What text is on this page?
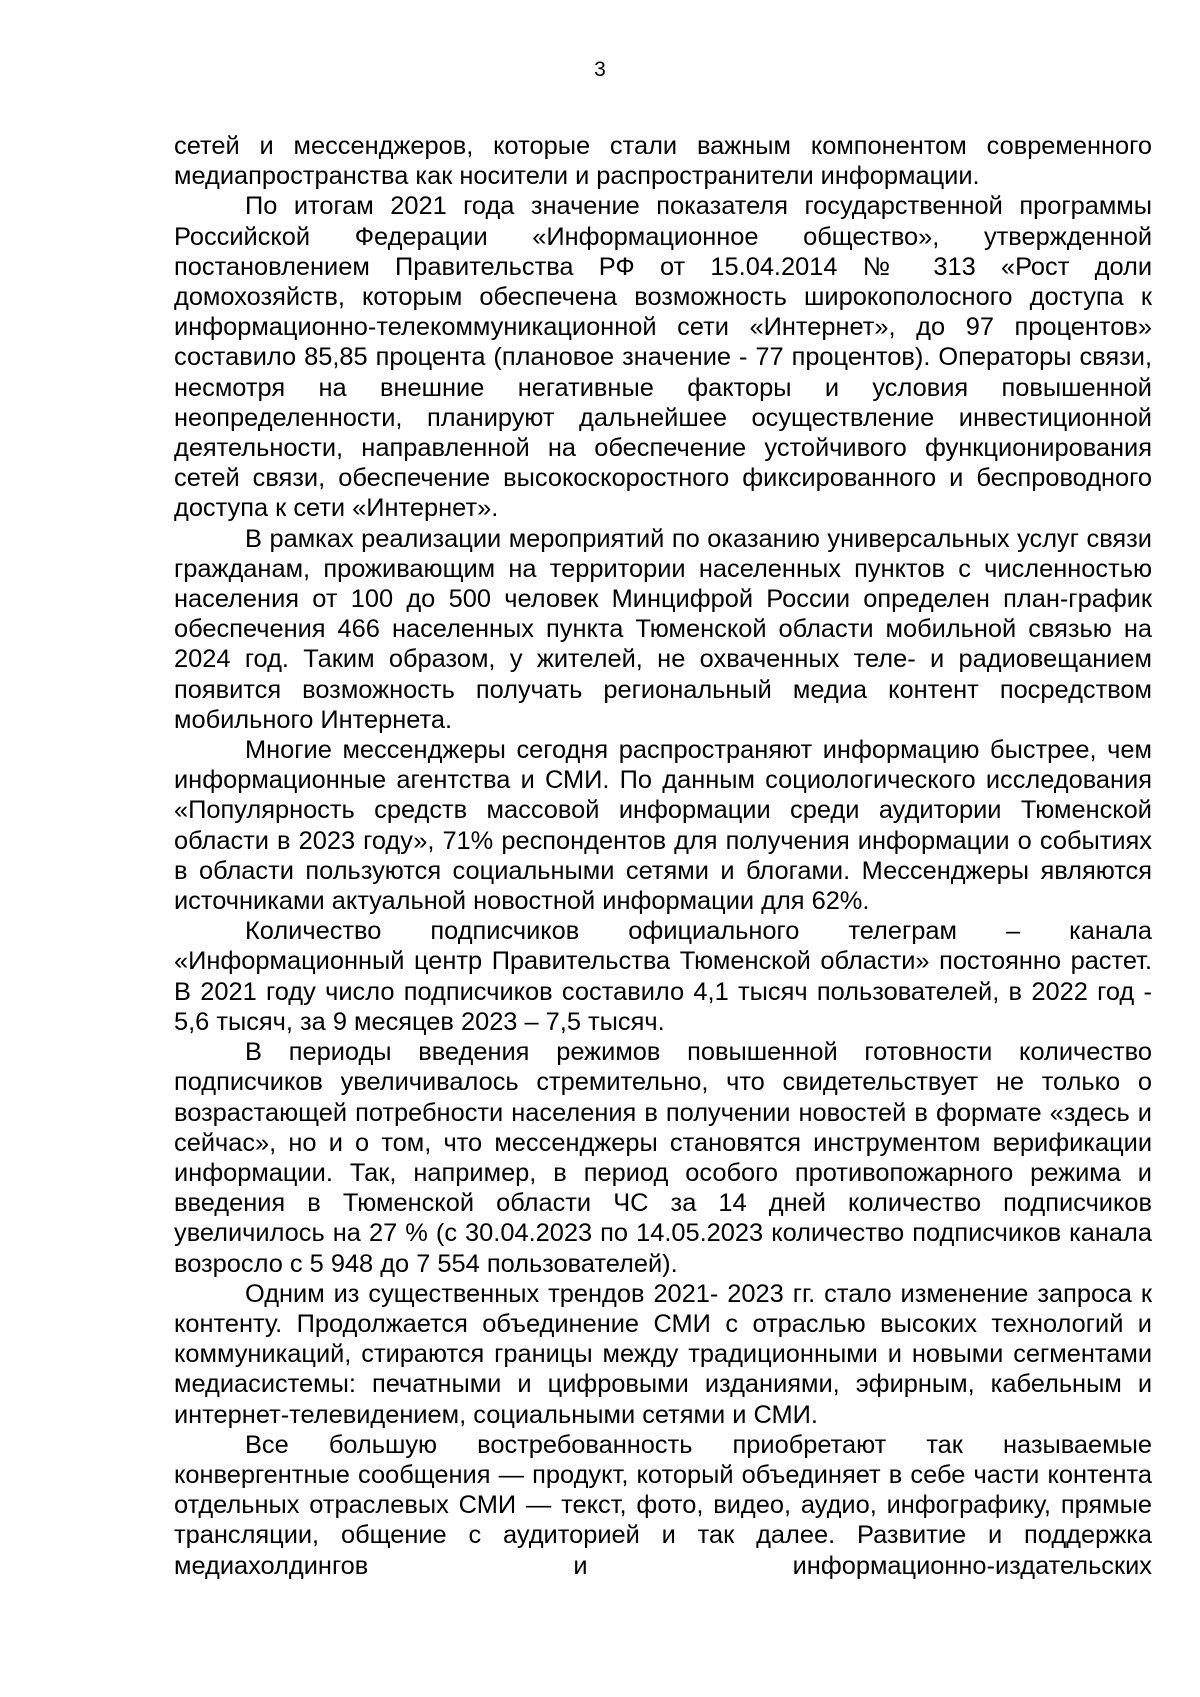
3

сетей и мессенджеров, которые стали важным компонентом современного медиапространства как носители и распространители информации.

По итогам 2021 года значение показателя государственной программы Российской Федерации «Информационное общество», утвержденной постановлением Правительства РФ от 15.04.2014 № 313 «Рост доли домохозяйств, которым обеспечена возможность широкополосного доступа к информационно-телекоммуникационной сети «Интернет», до 97 процентов» составило 85,85 процента (плановое значение - 77 процентов). Операторы связи, несмотря на внешние негативные факторы и условия повышенной неопределенности, планируют дальнейшее осуществление инвестиционной деятельности, направленной на обеспечение устойчивого функционирования сетей связи, обеспечение высокоскоростного фиксированного и беспроводного доступа к сети «Интернет».

В рамках реализации мероприятий по оказанию универсальных услуг связи гражданам, проживающим на территории населенных пунктов с численностью населения от 100 до 500 человек Минцифрой России определен план-график обеспечения 466 населенных пункта Тюменской области мобильной связью на 2024 год. Таким образом, у жителей, не охваченных теле- и радиовещанием появится возможность получать региональный медиа контент посредством мобильного Интернета.

Многие мессенджеры сегодня распространяют информацию быстрее, чем информационные агентства и СМИ. По данным социологического исследования «Популярность средств массовой информации среди аудитории Тюменской области в 2023 году», 71% респондентов для получения информации о событиях в области пользуются социальными сетями и блогами. Мессенджеры являются источниками актуальной новостной информации для 62%.

Количество подписчиков официального телеграм – канала «Информационный центр Правительства Тюменской области» постоянно растет. В 2021 году число подписчиков составило 4,1 тысяч пользователей, в 2022 год - 5,6 тысяч, за 9 месяцев 2023 – 7,5 тысяч.

В периоды введения режимов повышенной готовности количество подписчиков увеличивалось стремительно, что свидетельствует не только о возрастающей потребности населения в получении новостей в формате «здесь и сейчас», но и о том, что мессенджеры становятся инструментом верификации информации. Так, например, в период особого противопожарного режима и введения в Тюменской области ЧС за 14 дней количество подписчиков увеличилось на 27 % (с 30.04.2023 по 14.05.2023 количество подписчиков канала возросло с 5 948 до 7 554 пользователей).

Одним из существенных трендов 2021- 2023 гг. стало изменение запроса к контенту. Продолжается объединение СМИ с отраслью высоких технологий и коммуникаций, стираются границы между традиционными и новыми сегментами медиасистемы: печатными и цифровыми изданиями, эфирным, кабельным и интернет-телевидением, социальными сетями и СМИ.

Все большую востребованность приобретают так называемые конвергентные сообщения — продукт, который объединяет в себе части контента отдельных отраслевых СМИ — текст, фото, видео, аудио, инфографику, прямые трансляции, общение с аудиторией и так далее. Развитие и поддержка медиахолдингов и информационно-издательских
